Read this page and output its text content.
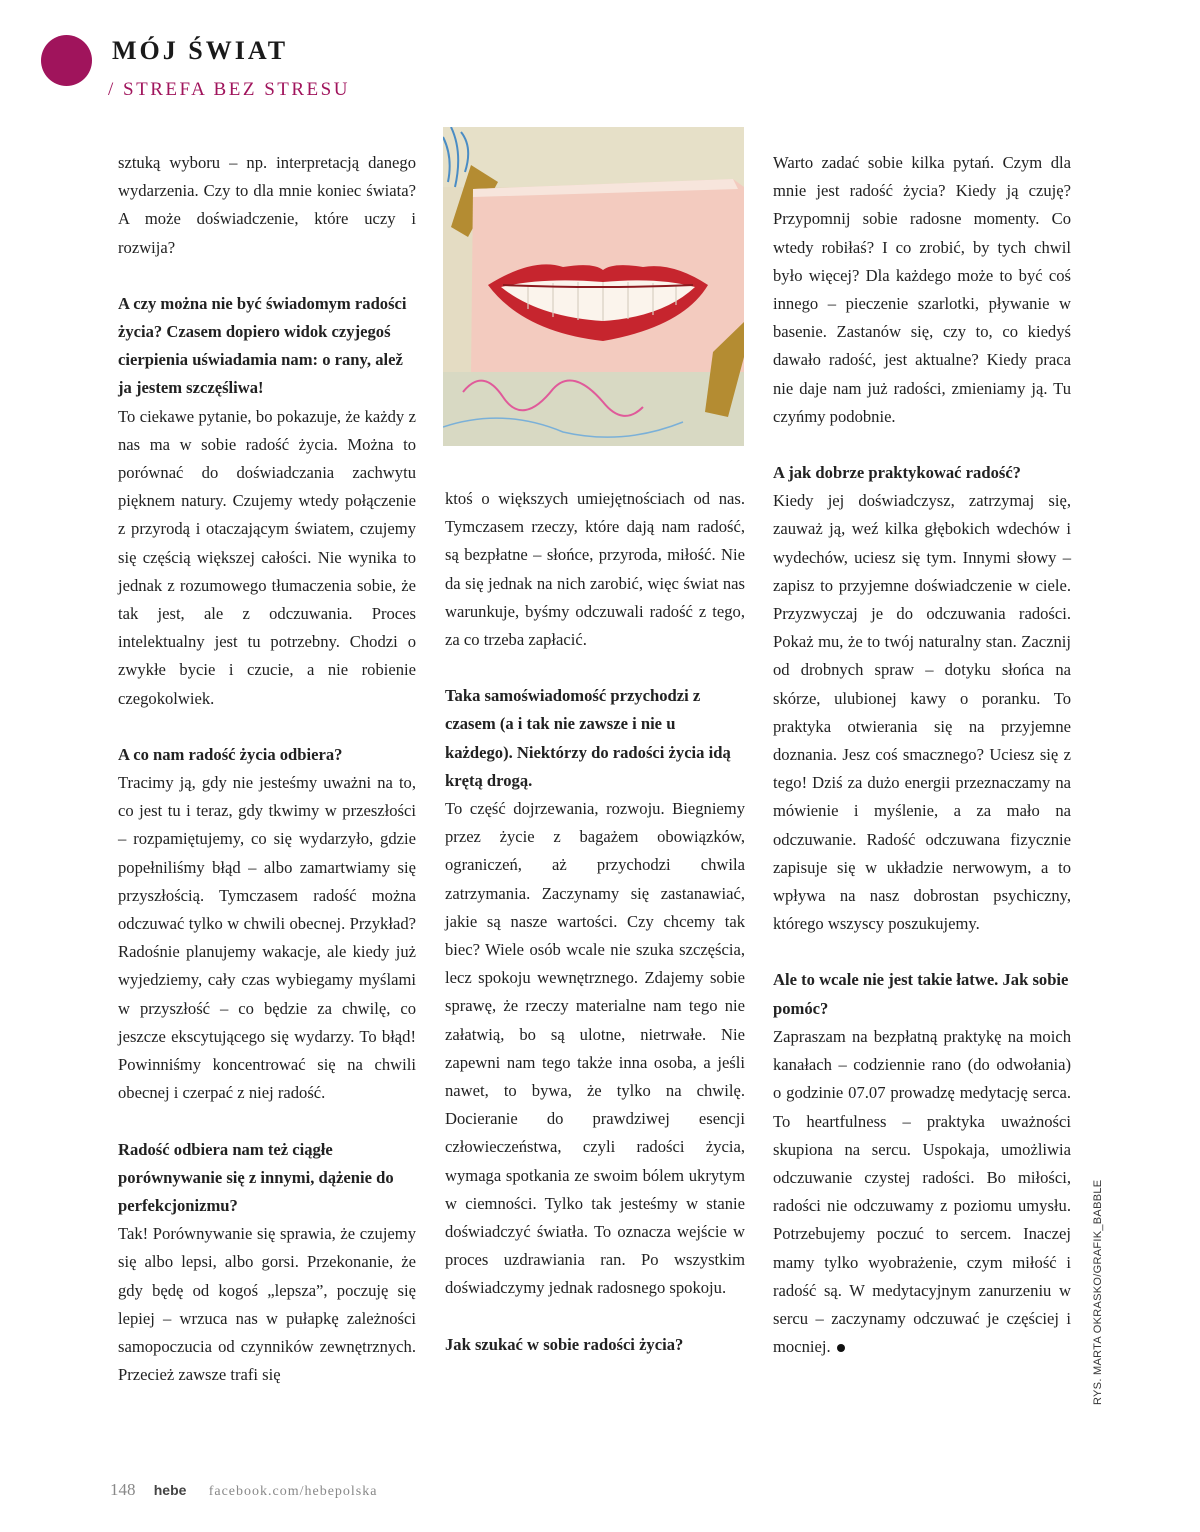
MÓJ ŚWIAT
/ STREFA BEZ STRESU

sztuką wyboru – np. interpretacją danego wydarzenia. Czy to dla mnie koniec świata? A może doświadczenie, które uczy i rozwija?

A czy można nie być świadomym radości życia? Czasem dopiero widok czyjegoś cierpienia uświadamia nam: o rany, alež ja jestem szczęśliwa!

To ciekawe pytanie, bo pokazuje, że każdy z nas ma w sobie radość życia. Można to porównać do doświadczania zachwytu pięknem natury. Czujemy wtedy połączenie z przyrodą i otaczającym światem, czujemy się częścią większej całości. Nie wynika to jednak z rozumowego tłumaczenia sobie, że tak jest, ale z odczuwania. Proces intelektualny jest tu potrzebny. Chodzi o zwykłe bycie i czucie, a nie robienie czegokolwiek.

A co nam radość życia odbiera?

Tracimy ją, gdy nie jesteśmy uważni na to, co jest tu i teraz, gdy tkwimy w przeszłości – rozpamiętujemy, co się wydarzyło, gdzie popełniliśmy błąd – albo zamartwiamy się przyszłością. Tymczasem radość można odczuwać tylko w chwili obecnej. Przykład? Radośnie planujemy wakacje, ale kiedy już wyjedziemy, cały czas wybiegamy myślami w przyszłość – co będzie za chwilę, co jeszcze ekscytującego się wydarzy. To błąd! Powinniśmy koncentrować się na chwili obecnej i czerpać z niej radość.

Radość odbiera nam też ciągłe porównywanie się z innymi, dążenie do perfekcjonizmu?

Tak! Porównywanie się sprawia, że czujemy się albo lepsi, albo gorsi. Przekonanie, że gdy będę od kogoś „lepsza”, poczuję się lepiej – wrzuca nas w pułapkę zależności samopoczucia od czynników zewnętrznych. Przecież zawsze trafi się

ktoś o większych umiejętnościach od nas. Tymczasem rzeczy, które dają nam radość, są bezpłatne – słońce, przyroda, miłość. Nie da się jednak na nich zarobić, więc świat nas warunkuje, byśmy odczuwali radość z tego, za co trzeba zapłacić.

Taka samoświadomość przychodzi z czasem (a i tak nie zawsze i nie u każdego). Niektórzy do radości życia idą krętą drogą.

To część dojrzewania, rozwoju. Biegniemy przez życie z bagażem obowiązków, ograniczeń, aż przychodzi chwila zatrzymania. Zaczynamy się zastanawiać, jakie są nasze wartości. Czy chcemy tak biec? Wiele osób wcale nie szuka szczęścia, lecz spokoju wewnętrznego. Zdajemy sobie sprawę, że rzeczy materialne nam tego nie załatwią, bo są ulotne, nietrwałe. Nie zapewni nam tego także inna osoba, a jeśli nawet, to bywa, że tylko na chwilę. Docieranie do prawdziwej esencji człowieczeństwa, czyli radości życia, wymaga spotkania ze swoim bólem ukrytym w ciemności. Tylko tak jesteśmy w stanie doświadczyć światła. To oznacza wejście w proces uzdrawiania ran. Po wszystkim doświadczymy jednak radosnego spokoju.

Jak szukać w sobie radości życia?

Warto zadać sobie kilka pytań. Czym dla mnie jest radość życia? Kiedy ją czuję? Przypomnij sobie radosne momenty. Co wtedy robiłaś? I co zrobić, by tych chwil było więcej? Dla każdego może to być coś innego – pieczenie szarlotki, pływanie w basenie. Zastanów się, czy to, co kiedyś dawało radość, jest aktualne? Kiedy praca nie daje nam już radości, zmieniamy ją. Tu czyńmy podobnie.

A jak dobrze praktykować radość?

Kiedy jej doświadczysz, zatrzymaj się, zauważ ją, weź kilka głębokich wdechów i wydechów, uciesz się tym. Innymi słowy – zapisz to przyjemne doświadczenie w ciele. Przyzwyczaj je do odczuwania radości. Pokaż mu, że to twój naturalny stan. Zacznij od drobnych spraw – dotyku słońca na skórze, ulubionej kawy o poranku. To praktyka otwierania się na przyjemne doznania. Jesz coś smacznego? Uciesz się z tego! Dziś za dużo energii przeznaczamy na mówienie i myślenie, a za mało na odczuwanie. Radość odczuwana fizycznie zapisuje się w układzie nerwowym, a to wpływa na nasz dobrostan psychiczny, którego wszyscy poszukujemy.

Ale to wcale nie jest takie łatwe. Jak sobie pomóc?

Zapraszam na bezpłatną praktykę na moich kanałach – codziennie rano (do odwołania) o godzinie 07.07 prowadzę medytację serca. To heartfulness – praktyka uważności skupiona na sercu. Uspokaja, umożliwia odczuwanie czystej radości. Bo miłości, radości nie odczuwamy z poziomu umysłu. Potrzebujemy poczuć to sercem. Inaczej mamy tylko wyobrażenie, czym miłość i radość są. W medytacyjnym zanurzeniu w sercu – zaczynamy odczuwać je częściej i mocniej.	RYS. MARTA OKRASKO/GRAFIK_BABBLE
148 hebe facebook.com/hebepolska
